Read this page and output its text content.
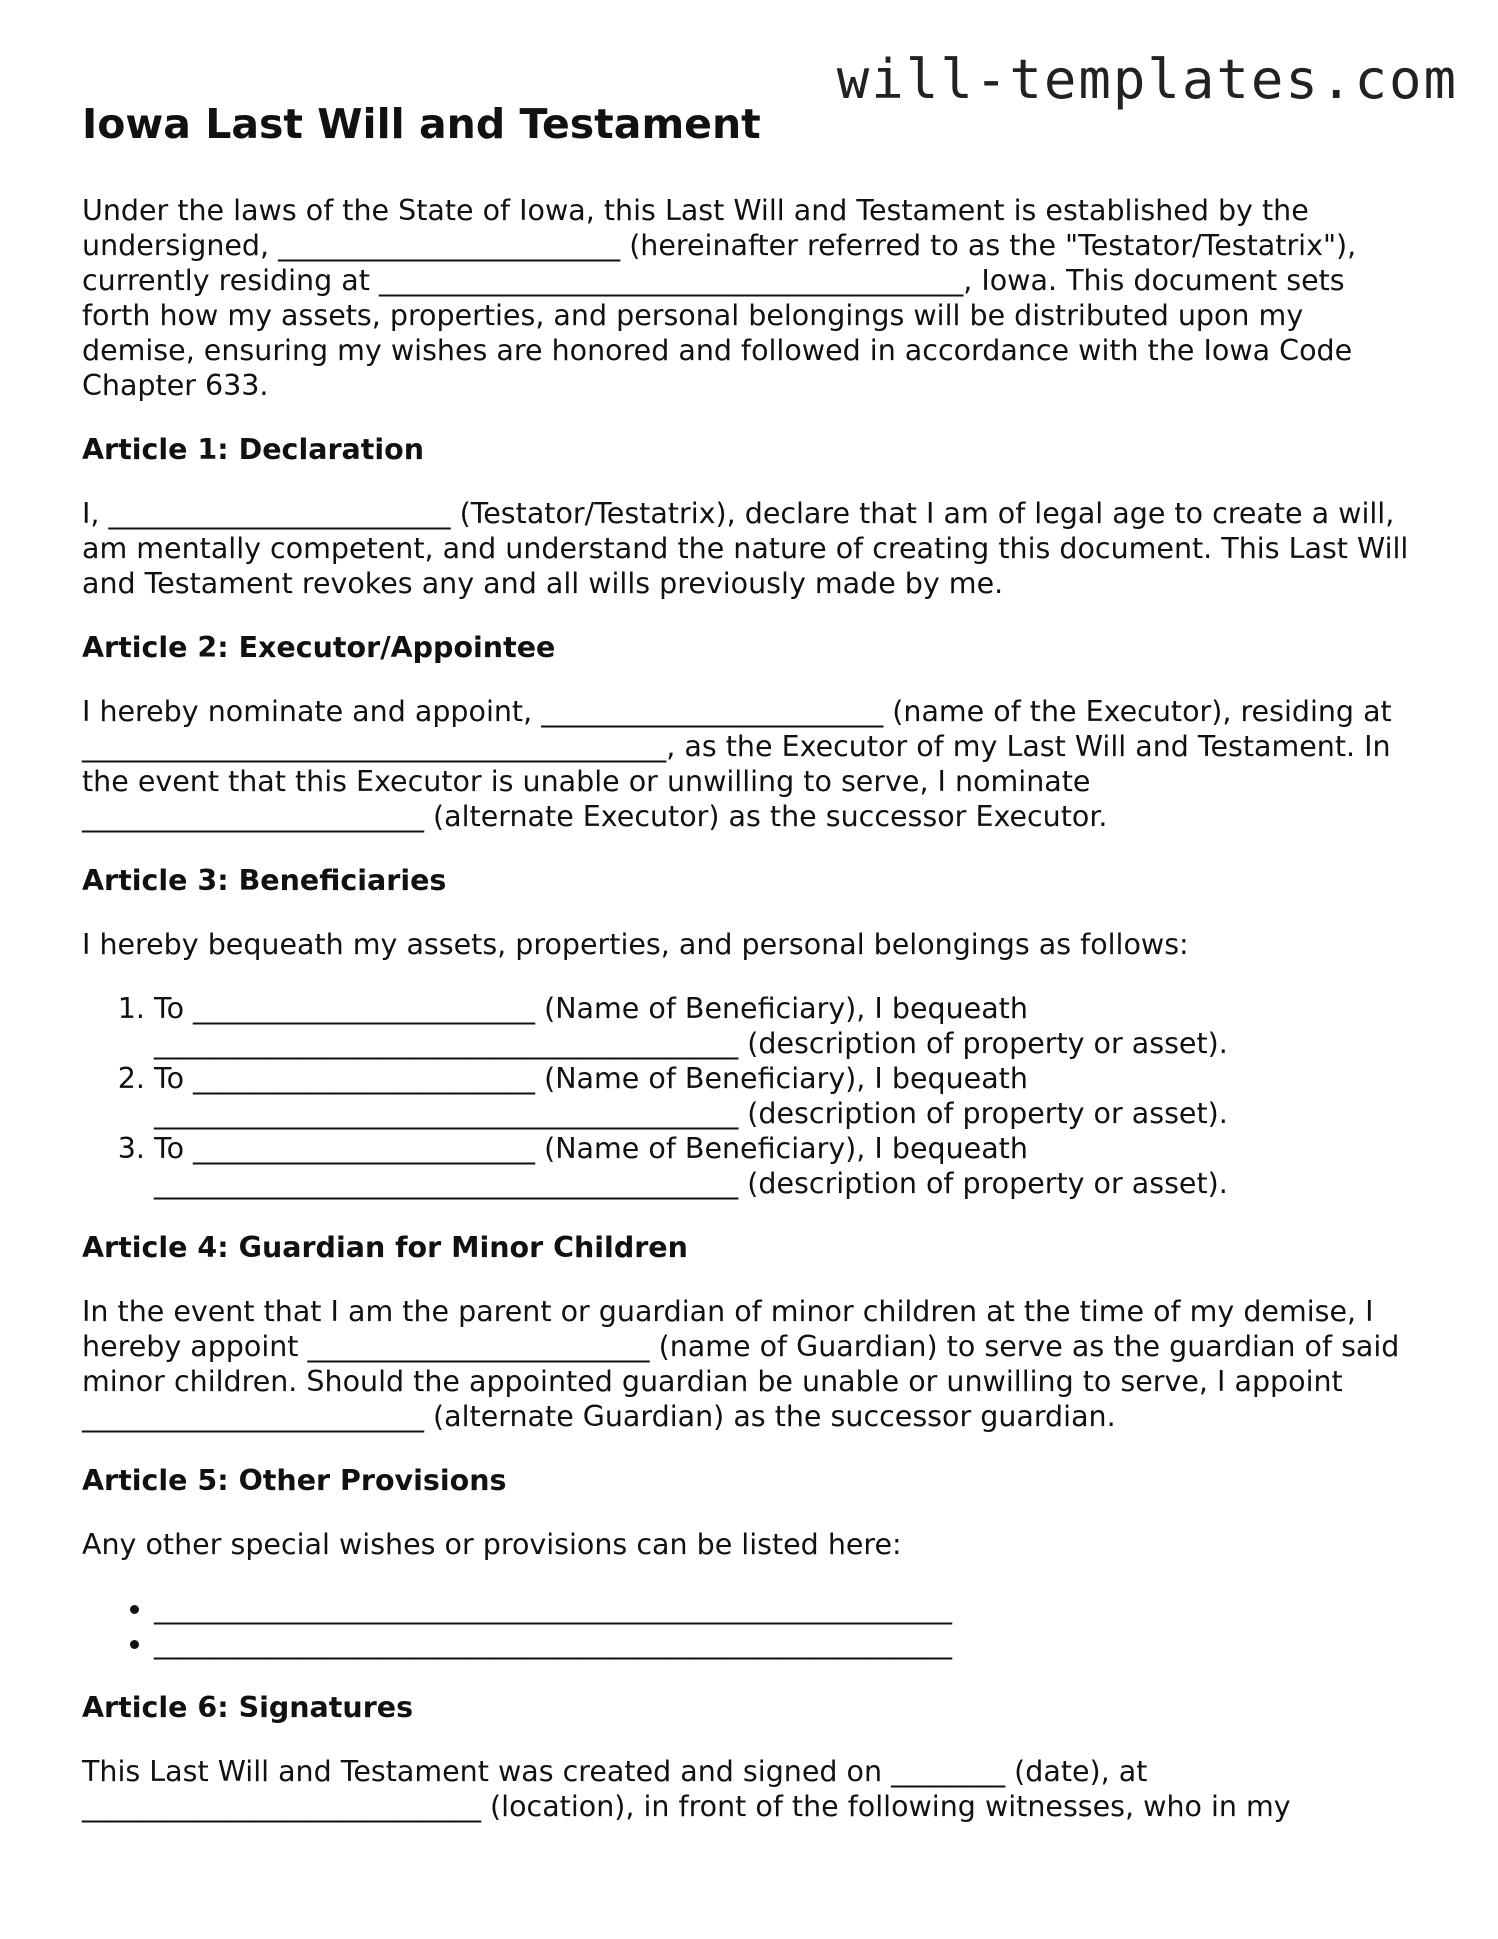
will-templates.com
Iowa Last Will and Testament

Under the laws of the State of Iowa, this Last Will and Testament is established by the undersigned, ________________________ (hereinafter referred to as the "Testator/Testatrix"), currently residing at _________________________________________, Iowa. This document sets forth how my assets, properties, and personal belongings will be distributed upon my demise, ensuring my wishes are honored and followed in accordance with the Iowa Code Chapter 633.

Article 1: Declaration

I, ________________________ (Testator/Testatrix), declare that I am of legal age to create a will, am mentally competent, and understand the nature of creating this document. This Last Will and Testament revokes any and all wills previously made by me.

Article 2: Executor/Appointee

I hereby nominate and appoint, ________________________ (name of the Executor), residing at _________________________________________, as the Executor of my Last Will and Testament. In the event that this Executor is unable or unwilling to serve, I nominate ________________________ (alternate Executor) as the successor Executor.

Article 3: Beneficiaries

I hereby bequeath my assets, properties, and personal belongings as follows:

1. To ________________________ (Name of Beneficiary), I bequeath _________________________________________ (description of property or asset).
2. To ________________________ (Name of Beneficiary), I bequeath _________________________________________ (description of property or asset).
3. To ________________________ (Name of Beneficiary), I bequeath _________________________________________ (description of property or asset).
Article 4: Guardian for Minor Children

In the event that I am the parent or guardian of minor children at the time of my demise, I hereby appoint ________________________ (name of Guardian) to serve as the guardian of said minor children. Should the appointed guardian be unable or unwilling to serve, I appoint ________________________ (alternate Guardian) as the successor guardian.

Article 5: Other Provisions

Any other special wishes or provisions can be listed here:

• ________________________________________________________
• ________________________________________________________
Article 6: Signatures

This Last Will and Testament was created and signed on ________ (date), at ____________________________ (location), in front of the following witnesses, who in my
